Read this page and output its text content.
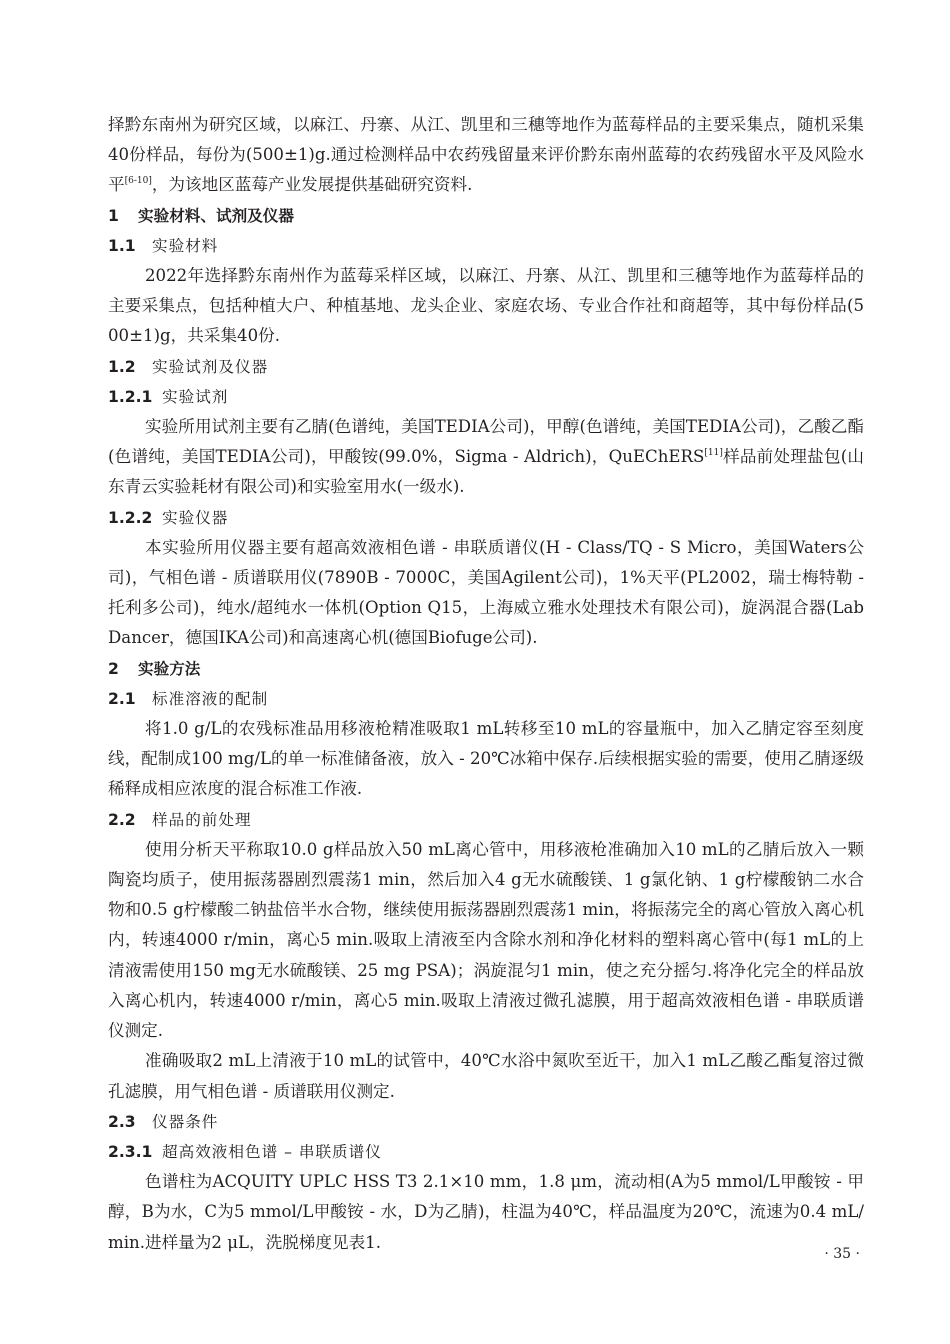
择黔东南州为研究区域，以麻江、丹寨、从江、凯里和三穗等地作为蓝莓样品的主要采集点，随机采集40份样品，每份为(500±1)g.通过检测样品中农药残留量来评价黔东南州蓝莓的农药残留水平及风险水平[6-10]，为该地区蓝莓产业发展提供基础研究资料.

1 实验材料、试剂及仪器

1.1 实验材料

2022年选择黔东南州作为蓝莓采样区域，以麻江、丹寨、从江、凯里和三穗等地作为蓝莓样品的主要采集点，包括种植大户、种植基地、龙头企业、家庭农场、专业合作社和商超等，其中每份样品(500±1)g，共采集40份.

1.2 实验试剂及仪器

1.2.1 实验试剂

实验所用试剂主要有乙腈(色谱纯，美国TEDIA公司)，甲醇(色谱纯，美国TEDIA公司)，乙酸乙酯(色谱纯，美国TEDIA公司)，甲酸铵(99.0%，Sigma - Aldrich)，QuEChERS[11]样品前处理盐包(山东青云实验耗材有限公司)和实验室用水(一级水).

1.2.2 实验仪器

本实验所用仪器主要有超高效液相色谱 - 串联质谱仪(H - Class/TQ - S Micro，美国Waters公司)，气相色谱 - 质谱联用仪(7890B - 7000C，美国Agilent公司)，1%天平(PL2002，瑞士梅特勒 - 托利多公司)，纯水/超纯水一体机(Option Q15，上海威立雅水处理技术有限公司)，旋涡混合器(Lab Dancer，德国IKA公司)和高速离心机(德国Biofuge公司).

2 实验方法

2.1 标准溶液的配制

将1.0 g/L的农残标准品用移液枪精准吸取1 mL转移至10 mL的容量瓶中，加入乙腈定容至刻度线，配制成100 mg/L的单一标准储备液，放入 - 20℃冰箱中保存.后续根据实验的需要，使用乙腈逐级稀释成相应浓度的混合标准工作液.

2.2 样品的前处理

使用分析天平称取10.0 g样品放入50 mL离心管中，用移液枪准确加入10 mL的乙腈后放入一颗陶瓷均质子，使用振荡器剧烈震荡1 min，然后加入4 g无水硫酸镁、1 g氯化钠、1 g柠檬酸钠二水合物和0.5 g柠檬酸二钠盐倍半水合物，继续使用振荡器剧烈震荡1 min，将振荡完全的离心管放入离心机内，转速4000 r/min，离心5 min.吸取上清液至内含除水剂和净化材料的塑料离心管中(每1 mL的上清液需使用150 mg无水硫酸镁、25 mg PSA)；涡旋混匀1 min，使之充分摇匀.将净化完全的样品放入离心机内，转速4000 r/min，离心5 min.吸取上清液过微孔滤膜，用于超高效液相色谱 - 串联质谱仪测定.

准确吸取2 mL上清液于10 mL的试管中，40℃水浴中氮吹至近干，加入1 mL乙酸乙酯复溶过微孔滤膜，用气相色谱 - 质谱联用仪测定.

2.3 仪器条件

2.3.1 超高效液相色谱 – 串联质谱仪

色谱柱为ACQUITY UPLC HSS T3 2.1×10 mm，1.8 μm，流动相(A为5 mmol/L甲酸铵 - 甲醇，B为水，C为5 mmol/L甲酸铵 - 水，D为乙腈)，柱温为40℃，样品温度为20℃，流速为0.4 mL/min.进样量为2 μL，洗脱梯度见表1.

· 35 ·
